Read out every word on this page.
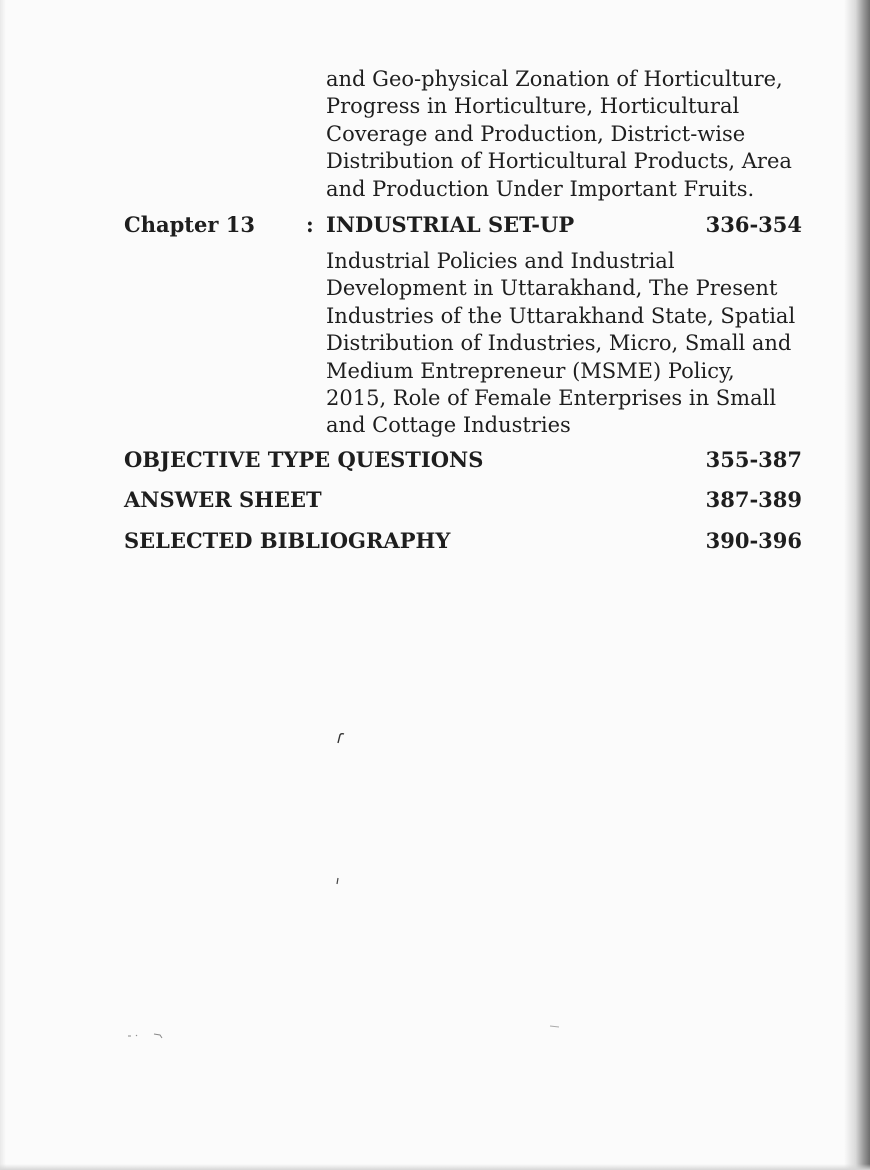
and Geo-physical Zonation of Horticulture,
Progress in Horticulture, Horticultural
Coverage and Production, District-wise
Distribution of Horticultural Products, Area
and Production Under Important Fruits.
Chapter 13 : INDUSTRIAL SET-UP	336-354
Industrial Policies and Industrial
Development in Uttarakhand, The Present
Industries of the Uttarakhand State, Spatial
Distribution of Industries, Micro, Small and
Medium Entrepreneur (MSME) Policy,
2015, Role of Female Enterprises in Small
and Cottage Industries
OBJECTIVE TYPE QUESTIONS	355-387
ANSWER SHEET	387-389
SELECTED BIBLIOGRAPHY	390-396
